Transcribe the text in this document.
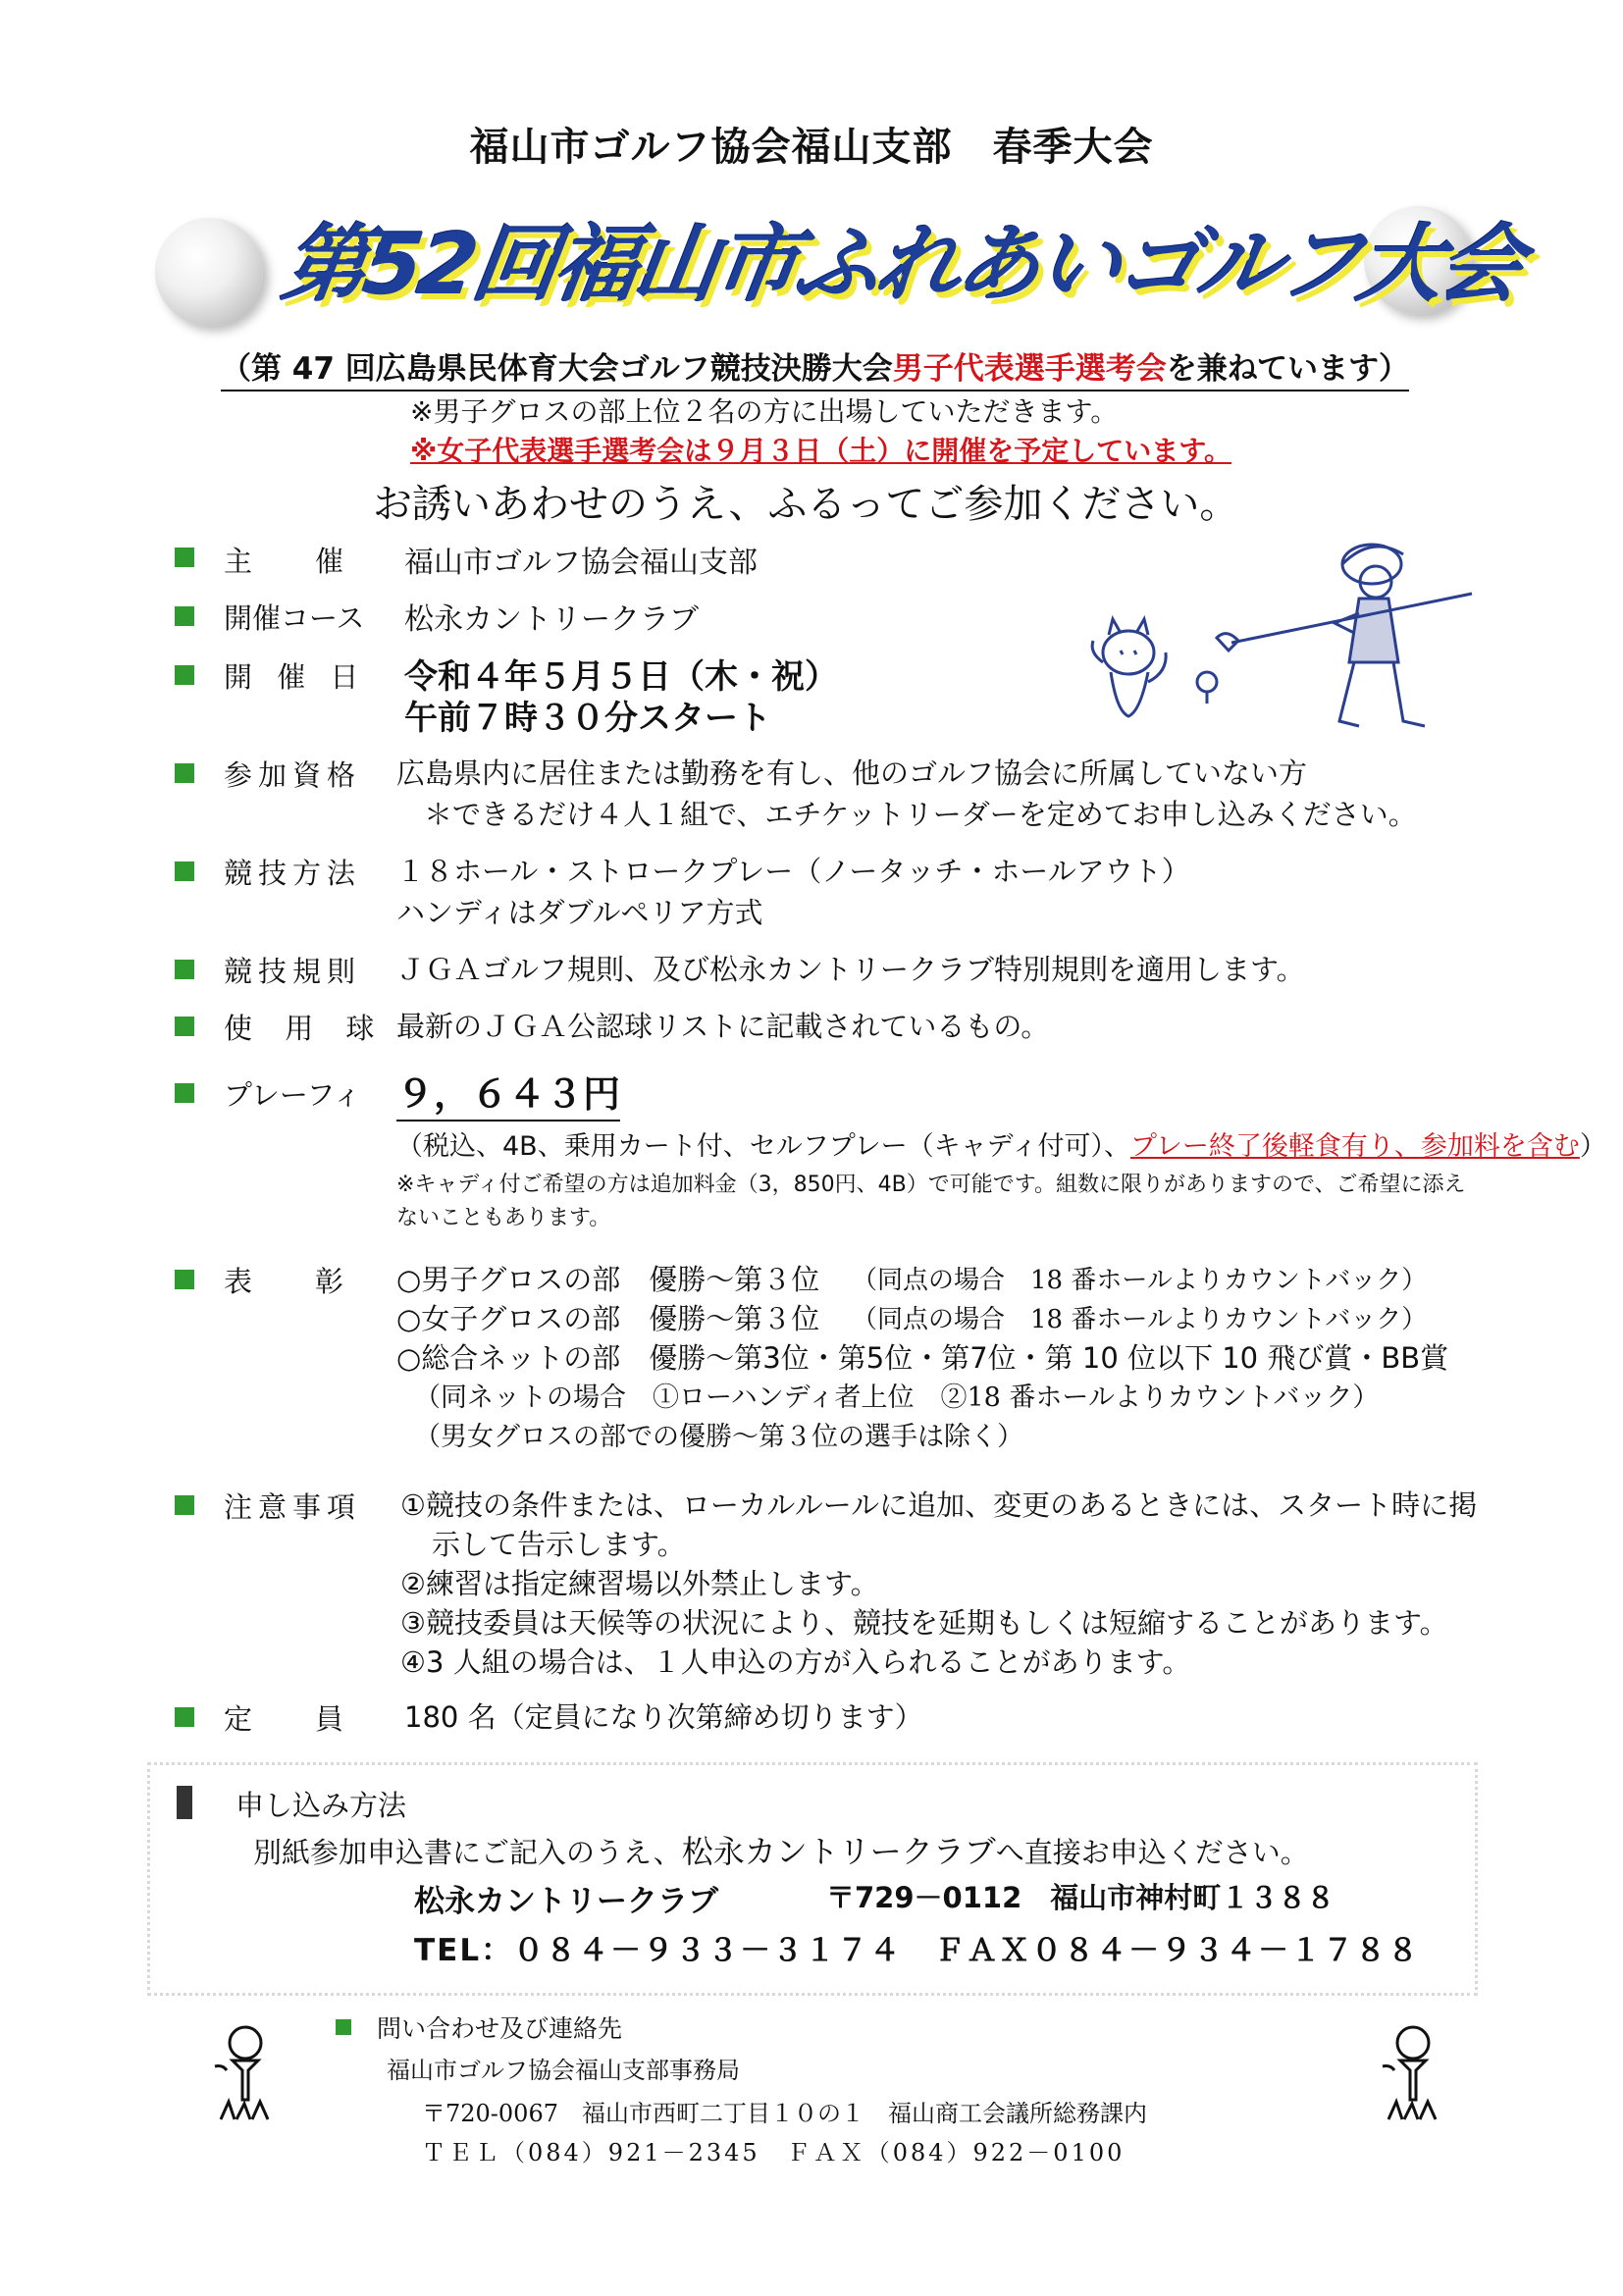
福山市ゴルフ協会福山支部　春季大会
第52回福山市ふれあいゴルフ大会
（第 47 回広島県民体育大会ゴルフ競技決勝大会男子代表選手選考会を兼ねています）
※男子グロスの部上位２名の方に出場していただきます。
※女子代表選手選考会は９月３日（土）に開催を予定しています。
お誘いあわせのうえ、ふるってご参加ください。
主　　催 福山市ゴルフ協会福山支部
開催コース 松永カントリークラブ
開 催 日 令和４年５月５日（木・祝）
午前７時３０分スタート
参加資格 広島県内に居住または勤務を有し、他のゴルフ協会に所属していない方
＊できるだけ４人１組で、エチケットリーダーを定めてお申し込みください。
競技方法 １８ホール・ストロークプレー（ノータッチ・ホールアウト）
ハンディはダブルペリア方式
競技規則 ＪＧＡゴルフ規則、及び松永カントリークラブ特別規則を適用します。
使 用 球 最新のＪＧＡ公認球リストに記載されているもの。
プレーフィ ９，６４３円
（税込、4B、乗用カート付、セルフプレー（キャディ付可）、プレー終了後軽食有り、参加料を含む）
※キャディ付ご希望の方は追加料金（3，850円、4B）で可能です。組数に限りがありますので、ご希望に添え
ないこともあります。
表　　彰 ○男子グロスの部　優勝～第３位 （同点の場合　18 番ホールよりカウントバック）
○女子グロスの部　優勝～第３位 （同点の場合　18 番ホールよりカウントバック）
○総合ネットの部　優勝～第3位・第5位・第7位・第 10 位以下 10 飛び賞・BB賞
（同ネットの場合　①ローハンディ者上位　②18 番ホールよりカウントバック）
（男女グロスの部での優勝～第３位の選手は除く）
注意事項 ①競技の条件または、ローカルルールに追加、変更のあるときには、スタート時に掲
示して告示します。
②練習は指定練習場以外禁止します。
③競技委員は天候等の状況により、競技を延期もしくは短縮することがあります。
④3 人組の場合は、１人申込の方が入られることがあります。
定　　員 180 名（定員になり次第締め切ります）
申し込み方法
別紙参加申込書にご記入のうえ、松永カントリークラブへ直接お申込ください。
松永カントリークラブ	〒729－0112　福山市神村町１３８８
TEL：０８４－９３３－３１７４　ＦＡＸ０８４－９３４－１７８８
問い合わせ及び連絡先
福山市ゴルフ協会福山支部事務局
〒720-0067　福山市西町二丁目１０の１　福山商工会議所総務課内
ＴＥＬ（084）921－2345　ＦＡＸ（084）922－0100
